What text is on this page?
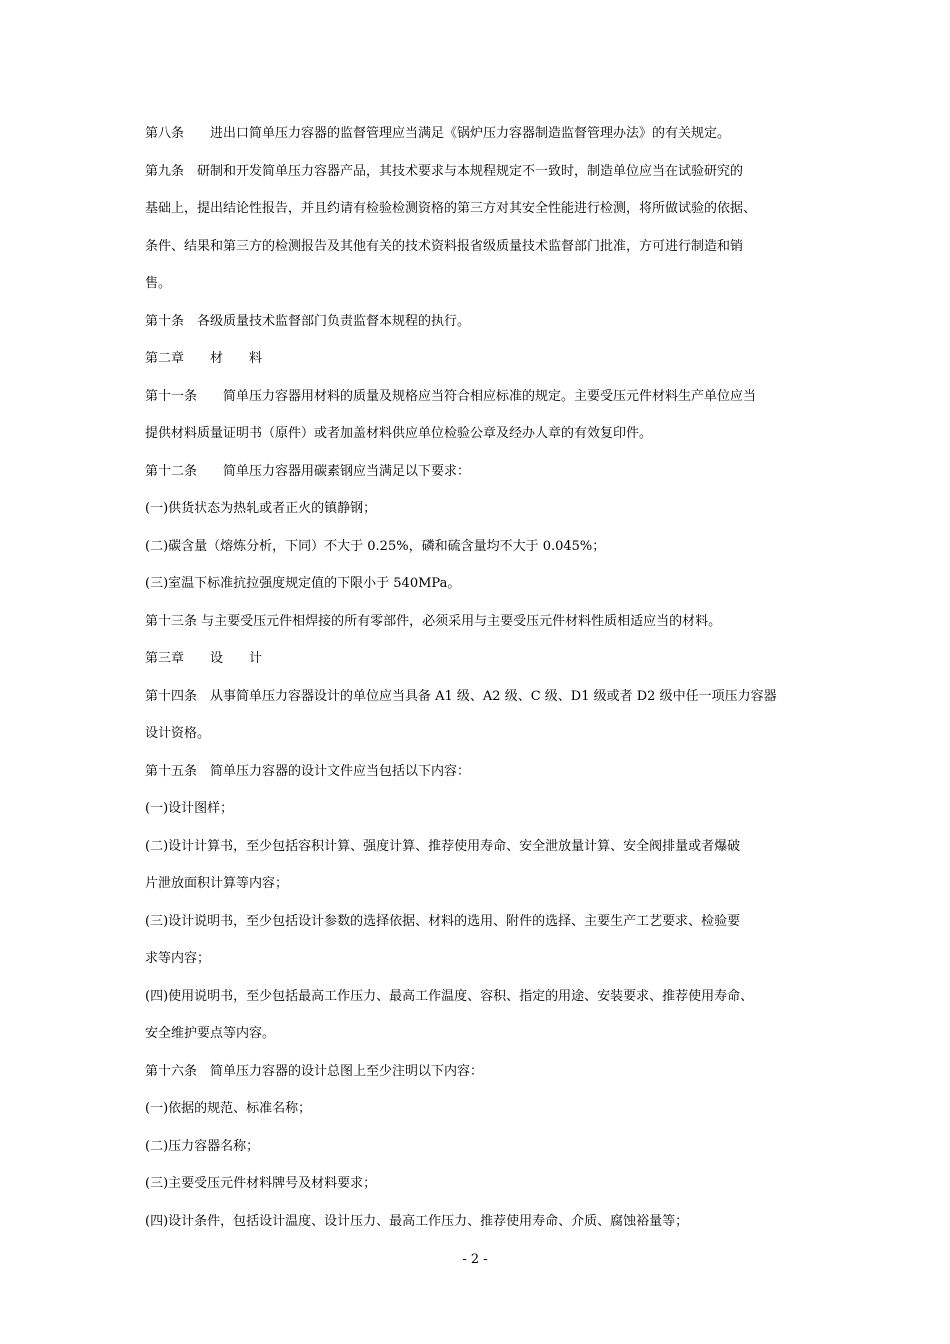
第八条　　进出口简单压力容器的监督管理应当满足《锅炉压力容器制造监督管理办法》的有关规定。
第九条　研制和开发简单压力容器产品，其技术要求与本规程规定不一致时，制造单位应当在试验研究的
基础上，提出结论性报告，并且约请有检验检测资格的第三方对其安全性能进行检测，将所做试验的依据、
条件、结果和第三方的检测报告及其他有关的技术资料报省级质量技术监督部门批准，方可进行制造和销
售。
第十条　各级质量技术监督部门负责监督本规程的执行。
第二章　　材　　料
第十一条　　简单压力容器用材料的质量及规格应当符合相应标准的规定。主要受压元件材料生产单位应当
提供材料质量证明书（原件）或者加盖材料供应单位检验公章及经办人章的有效复印件。
第十二条　　简单压力容器用碳素钢应当满足以下要求：
(一)供货状态为热轧或者正火的镇静钢；
(二)碳含量（熔炼分析，下同）不大于 0.25%，磷和硫含量均不大于 0.045%；
(三)室温下标准抗拉强度规定值的下限小于 540MPa。
第十三条 与主要受压元件相焊接的所有零部件，必须采用与主要受压元件材料性质相适应当的材料。
第三章　　设　　计
第十四条　从事简单压力容器设计的单位应当具备 A1 级、A2 级、C 级、D1 级或者 D2 级中任一项压力容器
设计资格。
第十五条　简单压力容器的设计文件应当包括以下内容：
(一)设计图样；
(二)设计计算书，至少包括容积计算、强度计算、推荐使用寿命、安全泄放量计算、安全阀排量或者爆破
片泄放面积计算等内容；
(三)设计说明书，至少包括设计参数的选择依据、材料的选用、附件的选择、主要生产工艺要求、检验要
求等内容；
(四)使用说明书，至少包括最高工作压力、最高工作温度、容积、指定的用途、安装要求、推荐使用寿命、
安全维护要点等内容。
第十六条　简单压力容器的设计总图上至少注明以下内容：
(一)依据的规范、标准名称；
(二)压力容器名称；
(三)主要受压元件材料牌号及材料要求；
(四)设计条件，包括设计温度、设计压力、最高工作压力、推荐使用寿命、介质、腐蚀裕量等；
- 2 -
